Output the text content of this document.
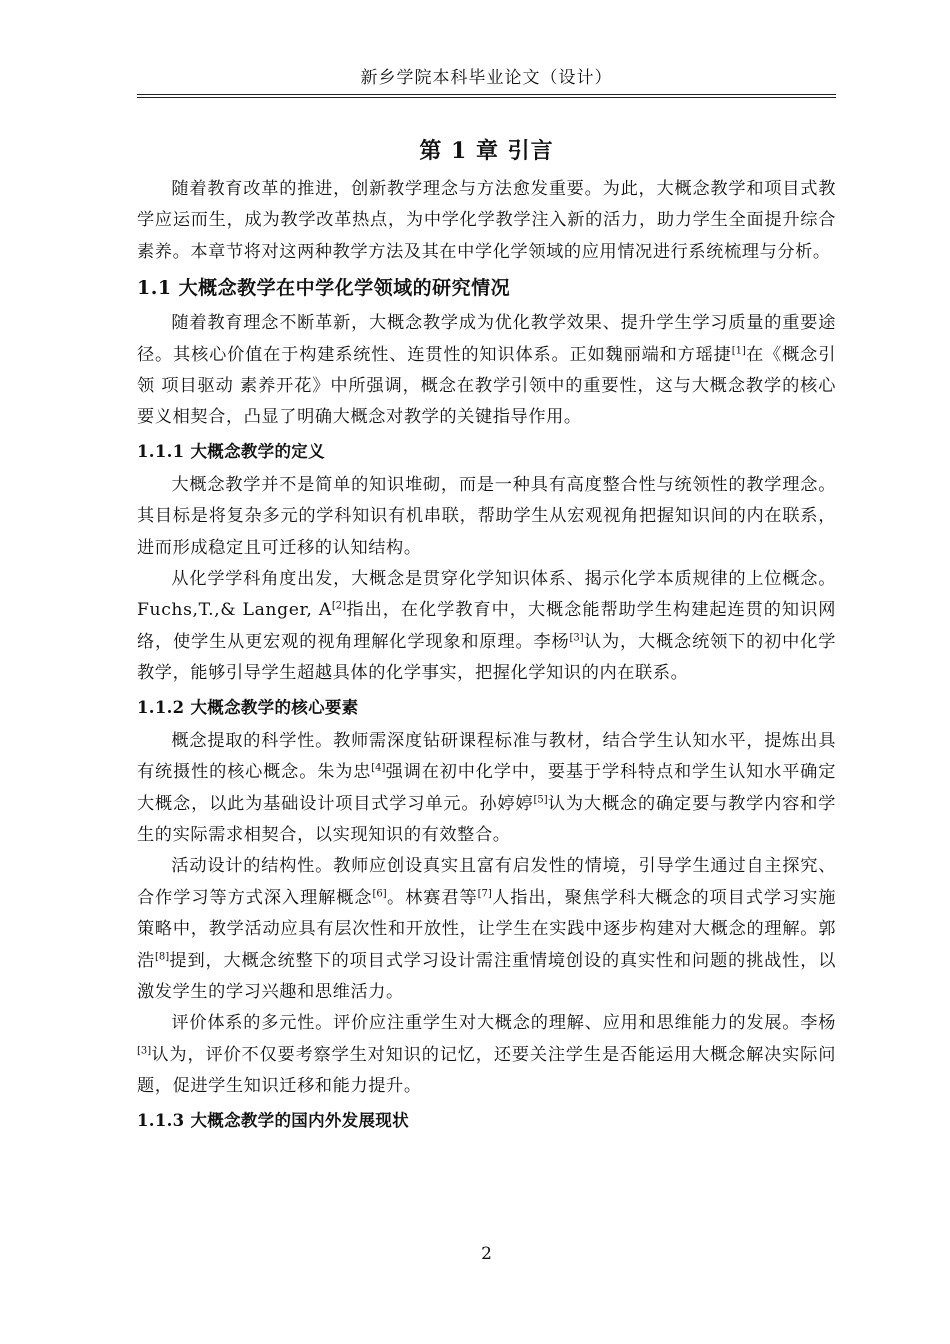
新乡学院本科毕业论文（设计）
第 1 章 引言

随着教育改革的推进，创新教学理念与方法愈发重要。为此，大概念教学和项目式教学应运而生，成为教学改革热点，为中学化学教学注入新的活力，助力学生全面提升综合素养。本章节将对这两种教学方法及其在中学化学领域的应用情况进行系统梳理与分析。

1.1 大概念教学在中学化学领域的研究情况

随着教育理念不断革新，大概念教学成为优化教学效果、提升学生学习质量的重要途径。其核心价值在于构建系统性、连贯性的知识体系。正如魏丽端和方瑶捷[1]在《概念引领 项目驱动 素养开花》中所强调，概念在教学引领中的重要性，这与大概念教学的核心要义相契合，凸显了明确大概念对教学的关键指导作用。

1.1.1 大概念教学的定义

大概念教学并不是简单的知识堆砌，而是一种具有高度整合性与统领性的教学理念。其目标是将复杂多元的学科知识有机串联，帮助学生从宏观视角把握知识间的内在联系，进而形成稳定且可迁移的认知结构。

从化学学科角度出发，大概念是贯穿化学知识体系、揭示化学本质规律的上位概念。Fuchs,T.,& Langer, A[2]指出，在化学教育中，大概念能帮助学生构建起连贯的知识网络，使学生从更宏观的视角理解化学现象和原理。李杨[3]认为，大概念统领下的初中化学教学，能够引导学生超越具体的化学事实，把握化学知识的内在联系。

1.1.2 大概念教学的核心要素

概念提取的科学性。教师需深度钻研课程标准与教材，结合学生认知水平，提炼出具有统摄性的核心概念。朱为忠[4]强调在初中化学中，要基于学科特点和学生认知水平确定大概念，以此为基础设计项目式学习单元。孙婷婷[5]认为大概念的确定要与教学内容和学生的实际需求相契合，以实现知识的有效整合。

活动设计的结构性。教师应创设真实且富有启发性的情境，引导学生通过自主探究、合作学习等方式深入理解概念[6]。林赛君等[7]人指出，聚焦学科大概念的项目式学习实施策略中，教学活动应具有层次性和开放性，让学生在实践中逐步构建对大概念的理解。郭浩[8]提到，大概念统整下的项目式学习设计需注重情境创设的真实性和问题的挑战性，以激发学生的学习兴趣和思维活力。

评价体系的多元性。评价应注重学生对大概念的理解、应用和思维能力的发展。李杨[3]认为，评价不仅要考察学生对知识的记忆，还要关注学生是否能运用大概念解决实际问题，促进学生知识迁移和能力提升。

1.1.3 大概念教学的国内外发展现状
2
